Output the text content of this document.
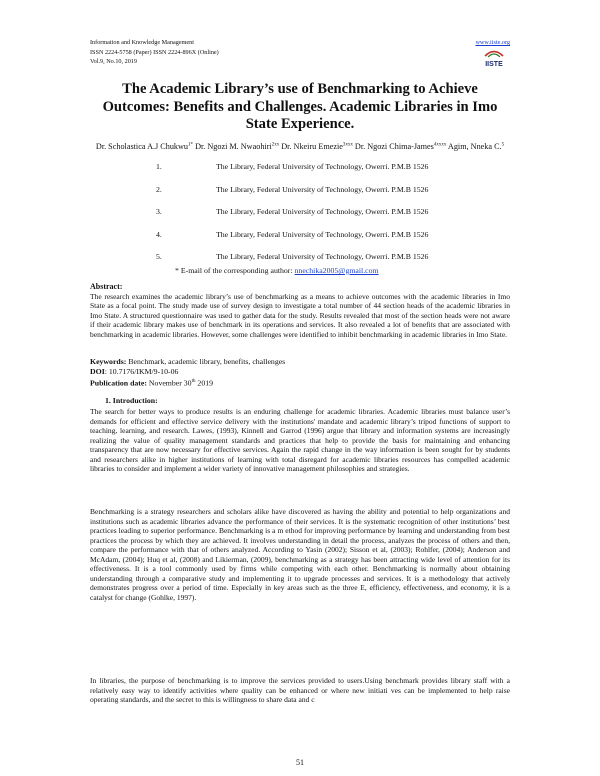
Information and Knowledge Management
ISSN 2224-5758 (Paper) ISSN 2224-896X (Online)
Vol.9, No.10, 2019
www.iiste.org
IISTE
The Academic Library’s use of Benchmarking to Achieve Outcomes: Benefits and Challenges. Academic Libraries in Imo State Experience.
Dr. Scholastica A.J Chukwu$^{1*}$ Dr. Ngozi M. Nwaohiri$^{2xx}$ Dr. Nkeiru Emezie$^{3xxx}$ Dr. Ngozi Chima-James$^{4xxxx}$ Agim, Nneka C.$^5$
1.	The Library, Federal University of Technology, Owerri. P.M.B 1526
2.	The Library, Federal University of Technology, Owerri. P.M.B 1526
3.	The Library, Federal University of Technology, Owerri. P.M.B 1526
4.	The Library, Federal University of Technology, Owerri. P.M.B 1526
5.	The Library, Federal University of Technology, Owerri. P.M.B 1526
* E-mail of the corresponding author: nnechika2005@gmail.com
Abstract:

The research examines the academic library’s use of benchmarking as a means to achieve outcomes with the academic libraries in Imo State as a focal point. The study made use of survey design to investigate a total number of 44 section heads of the academic libraries in Imo State. A structured questionnaire was used to gather data for the study. Results revealed that most of the section heads were not aware if their academic library makes use of benchmark in its operations and services. It also revealed a lot of benefits that are associated with benchmarking in academic libraries. However, some challenges were identified to inhibit benchmarking in academic libraries in Imo State.

Keywords: Benchmark, academic library, benefits, challenges
DOI: 10.7176/IKM/9-10-06
Publication date: November 30th 2019
1. Introduction:

The search for better ways to produce results is an enduring challenge for academic libraries. Academic libraries must balance user’s demands for efficient and effective service delivery with the institutions' mandate and academic library’s tripod functions of support to teaching, learning, and research. Lawes, (1993), Kinnell and Garrod (1996) argue that library and information systems are increasingly realizing the value of quality management standards and practices that help to provide the basis for maintaining and enhancing transparency that are now necessary for effective services. Again the rapid change in the way information is been sought for by students and researchers alike in higher institutions of learning with total disregard for academic libraries resources has compelled academic libraries to consider and implement a wider variety of innovative management philosophies and strategies.

Benchmarking is a strategy researchers and scholars alike have discovered as having the ability and potential to help organizations and institutions such as academic libraries advance the performance of their services. It is the systematic recognition of other institutions’ best practices leading to superior performance. Benchmarking is a m ethod for improving performance by learning and understanding from best practices the process by which they are achieved. It involves understanding in detail the process, analyzes the process of others and then, compare the performance with that of others analyzed. According to Yasin (2002); Sisson et al, (2003); Rohlfer, (2004); Anderson and McAdam, (2004); Huq et al, (2008) and Likierman, (2009), benchmarking as a strategy has been attracting wide level of attention for its effectiveness. It is a tool commonly used by firms while competing with each other. Benchmarking is normally about obtaining understanding through a comparative study and implementing it to upgrade processes and services. It is a methodology that actively demonstrates progress over a period of time. Especially in key areas such as the three E, efficiency, effectiveness, and economy, it is a catalyst for change (Gohlke, 1997).

In libraries, the purpose of benchmarking is to improve the services provided to users.Using benchmark provides library staff with a relatively easy way to identify activities where quality can be enhanced or where new initiati ves can be implemented to help raise operating standards, and the secret to this is willingness to share data and c

51
